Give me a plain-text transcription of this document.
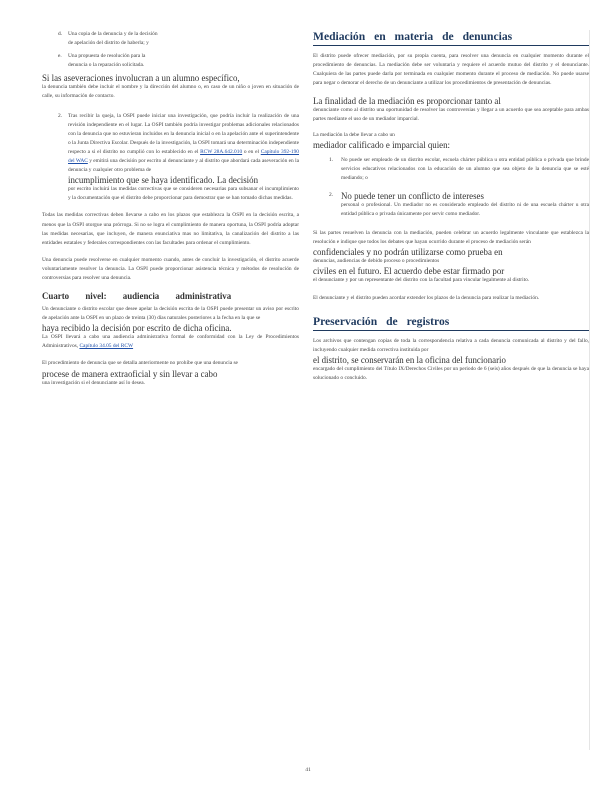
d. Una copia de la denuncia y de la decisión

de apelación del distrito de haberla; y

e. Una propuesta de resolución para la

denuncia o la reparación solicitada.

Si las aseveraciones involucran a un alumno específico,

la denuncia también debe incluir el nombre y la dirección del alumno o, en caso de un niño o joven en situación de calle, su información de contacto.

2. Tras recibir la queja, la OSPI puede iniciar una investigación, que podría incluir la realización de una revisión independiente en el lugar. La OSPI también podría investigar problemas adicionales relacionados con la denuncia que no estuvieran incluidos en la denuncia inicial o en la apelación ante el superintendente o la Junta Directiva Escolar. Después de la investigación, la OSPI tomará una determinación independiente respecto a si el distrito no cumplió con lo establecido en el RCW 28A.642.010 o en el Capítulo 392-190 del WAC y emitirá una decisión por escrito al denunciante y al distrito que abordará cada aseveración en la denuncia y cualquier otro problema de

incumplimiento que se haya identificado. La decisión

por escrito incluirá las medidas correctivas que se consideren necesarias para subsanar el incumplimiento y la documentación que el distrito debe proporcionar para demostrar que se han tomado dichas medidas.

Todas las medidas correctivas deben llevarse a cabo en los plazos que establezca la OSPI en la decisión escrita, a menos que la OSPI otorgue una prórroga. Si no se logra el cumplimiento de manera oportuna, la OSPI podría adoptar las medidas necesarias, que incluyen, de manera enunciativa mas no limitativa, la canalización del distrito a las entidades estatales y federales correspondientes con las facultades para ordenar el cumplimiento.

Una denuncia puede resolverse en cualquier momento cuando, antes de concluir la investigación, el distrito acuerde voluntariamente resolver la denuncia. La OSPI puede proporcionar asistencia técnica y métodos de resolución de controversias para resolver una denuncia.

Cuarto nivel: audiencia administrativa

Un denunciante o distrito escolar que desee apelar la decisión escrita de la OSPI puede presentar un aviso por escrito de apelación ante la OSPI en un plazo de treinta (30) días naturales posteriores a la fecha en la que se

haya recibido la decisión por escrito de dicha oficina.

La OSPI llevará a cabo una audiencia administrativa formal de conformidad con la Ley de Procedimientos Administrativos, Capítulo 34.05 del RCW

El procedimiento de denuncia que se detalla anteriormente no prohíbe que una denuncia se

procese de manera extraoficial y sin llevar a cabo

una investigación si el denunciante así lo desea.

Mediación en materia de denuncias

El distrito puede ofrecer mediación, por su propia cuenta, para resolver una denuncia en cualquier momento durante el procedimiento de denuncias. La mediación debe ser voluntaria y requiere el acuerdo mutuo del distrito y el denunciante. Cualquiera de las partes puede darla por terminada en cualquier momento durante el proceso de mediación. No puede usarse para negar o demorar el derecho de un denunciante a utilizar los procedimientos de presentación de denuncias.

La finalidad de la mediación es proporcionar tanto al

denunciante como al distrito una oportunidad de resolver las controversias y llegar a un acuerdo que sea aceptable para ambas partes mediante el uso de un mediador imparcial.

La mediación la debe llevar a cabo un

mediador calificado e imparcial quien:

1. No puede ser empleado de un distrito escolar, escuela chárter pública u otra entidad pública o privada que brinde servicios educativos relacionados con la educación de un alumno que sea objeto de la denuncia que se esté mediando; o

2. No puede tener un conflicto de intereses

personal o profesional. Un mediador no es considerado empleado del distrito ni de una escuela chárter u otra entidad pública o privada únicamente por servir como mediador.

Si las partes resuelven la denuncia con la mediación, pueden celebrar un acuerdo legalmente vinculante que establezca la resolución e indique que todos los debates que hayan ocurrido durante el proceso de mediación serán

confidenciales y no podrán utilizarse como prueba en

denuncias, audiencias de debido proceso o procedimientos

civiles en el futuro. El acuerdo debe estar firmado por

el denunciante y por un representante del distrito con la facultad para vincular legalmente al distrito.

El denunciante y el distrito pueden acordar extender los plazos de la denuncia para realizar la mediación.

Preservación de registros

Los archivos que contengan copias de toda la correspondencia relativa a cada denuncia comunicada al distrito y del fallo, incluyendo cualquier medida correctiva instituida por

el distrito, se conservarán en la oficina del funcionario

encargado del cumplimiento del Título IX/Derechos Civiles por un periodo de 6 (seis) años después de que la denuncia se haya solucionado o concluido.

41
